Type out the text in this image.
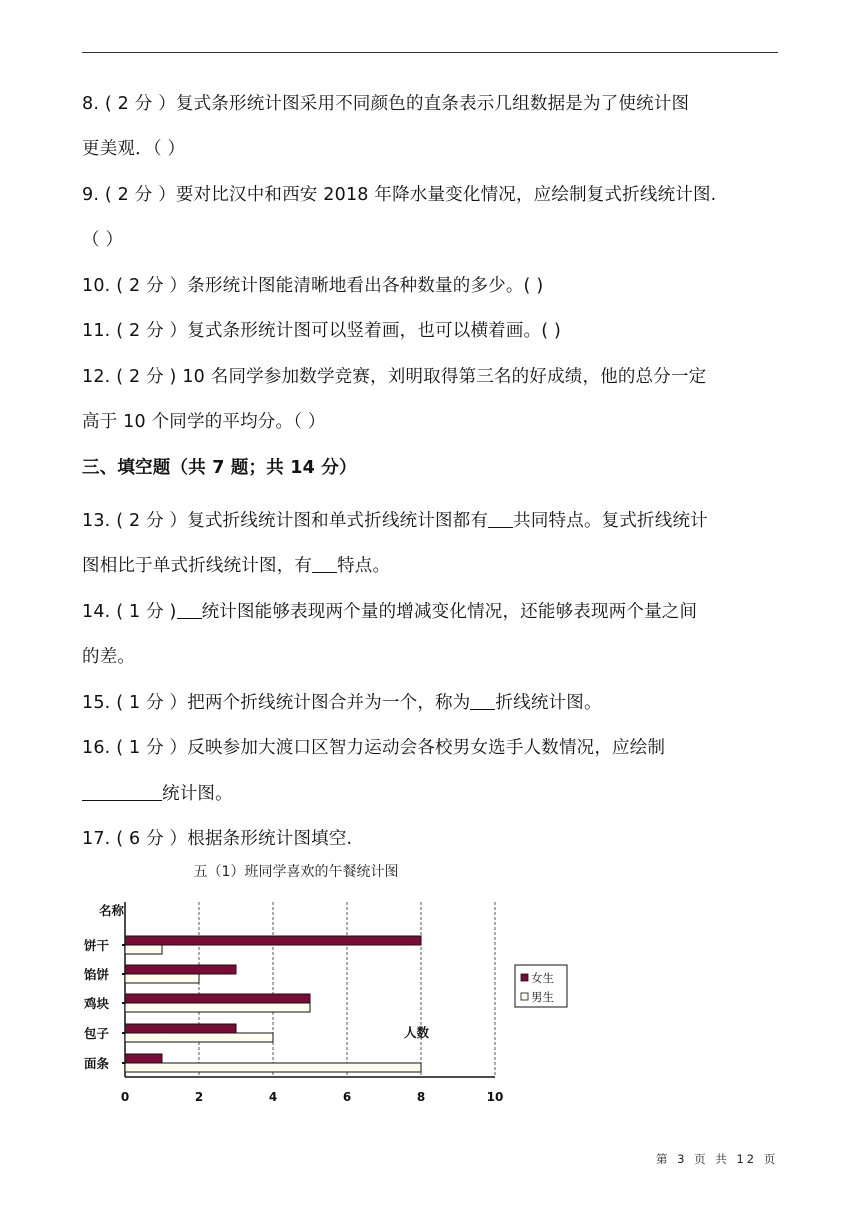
8. ( 2 分 ）复式条形统计图采用不同颜色的直条表示几组数据是为了使统计图
更美观．（ ）
9. ( 2 分 ）要对比汉中和西安 2018 年降水量变化情况，应绘制复式折线统计图.
（ ）
10. ( 2 分 ）条形统计图能清晰地看出各种数量的多少。( )
11. ( 2 分 ）复式条形统计图可以竖着画，也可以横着画。( )
12. ( 2 分 ) 10 名同学参加数学竞赛，刘明取得第三名的好成绩，他的总分一定
高于 10 个同学的平均分。（ ）
三、填空题（共 7 题；共 14 分）
13. ( 2 分 ）复式折线统计图和单式折线统计图都有 共同特点。复式折线统计
图相比于单式折线统计图，有 特点。
14. ( 1 分 ) 统计图能够表现两个量的增减变化情况，还能够表现两个量之间
的差。
15. ( 1 分 ）把两个折线统计图合并为一个，称为 折线统计图。
16. ( 1 分 ）反映参加大渡口区智力运动会各校男女选手人数情况，应绘制
统计图。
17. ( 6 分 ）根据条形统计图填空.
五（1）班同学喜欢的午餐统计图
名称
0	2	4	6	8	10
饼干
馅饼
鸡块
包子
面条
人数
女生
男生
第 3 页 共 12 页
